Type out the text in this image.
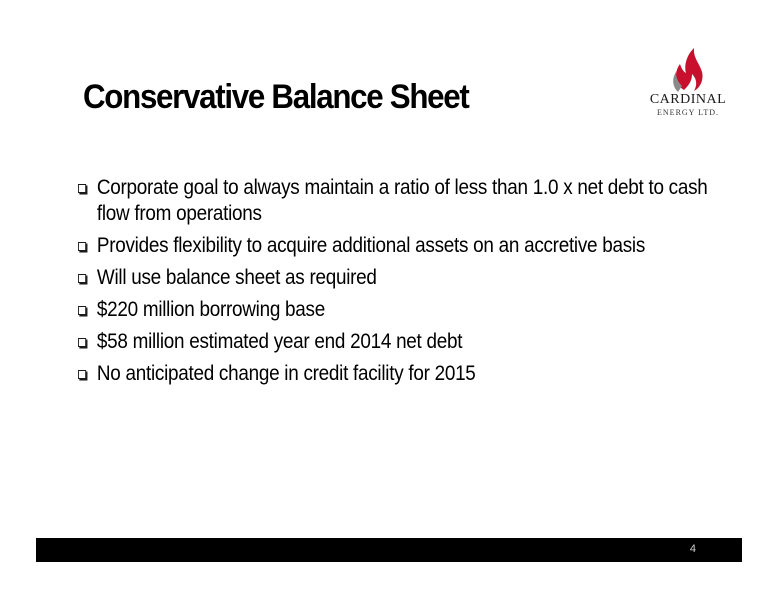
Conservative Balance Sheet	CARDINAL
ENERGY LTD.
Corporate goal to always maintain a ratio of less than 1.0 x net debt to cash flow from operations
Provides flexibility to acquire additional assets on an accretive basis
Will use balance sheet as required
$220 million borrowing base
$58 million estimated year end 2014 net debt
No anticipated change in credit facility for 2015
4
